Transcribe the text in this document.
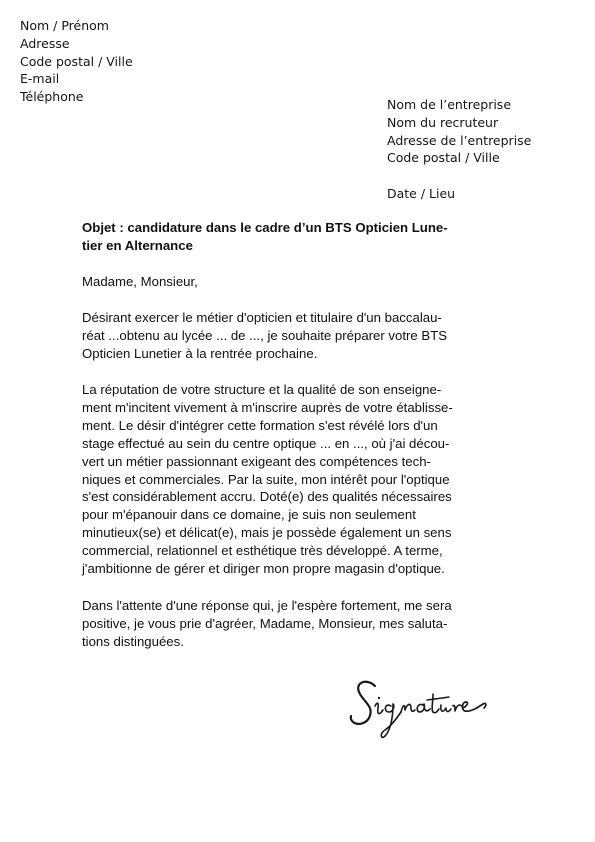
Nom / Prénom
Adresse
Code postal / Ville
E-mail
Téléphone
Nom de l’entreprise
Nom du recruteur
Adresse de l’entreprise
Code postal / Ville
Date / Lieu
Objet : candidature dans le cadre d’un BTS Opticien Lune-
tier en Alternance
Madame, Monsieur,
Désirant exercer le métier d'opticien et titulaire d'un baccalau-
réat ...obtenu au lycée ... de ..., je souhaite préparer votre BTS
Opticien Lunetier à la rentrée prochaine.
La réputation de votre structure et la qualité de son enseigne-
ment m'incitent vivement à m'inscrire auprès de votre établisse-
ment. Le désir d'intégrer cette formation s'est révélé lors d'un
stage effectué au sein du centre optique ... en ..., où j'ai décou-
vert un métier passionnant exigeant des compétences tech-
niques et commerciales. Par la suite, mon intérêt pour l'optique
s'est considérablement accru. Doté(e) des qualités nécessaires
pour m'épanouir dans ce domaine, je suis non seulement
minutieux(se) et délicat(e), mais je possède également un sens
commercial, relationnel et esthétique très développé. A terme,
j'ambitionne de gérer et diriger mon propre magasin d'optique.
Dans l'attente d'une réponse qui, je l'espère fortement, me sera
positive, je vous prie d'agréer, Madame, Monsieur, mes saluta-
tions distinguées.
